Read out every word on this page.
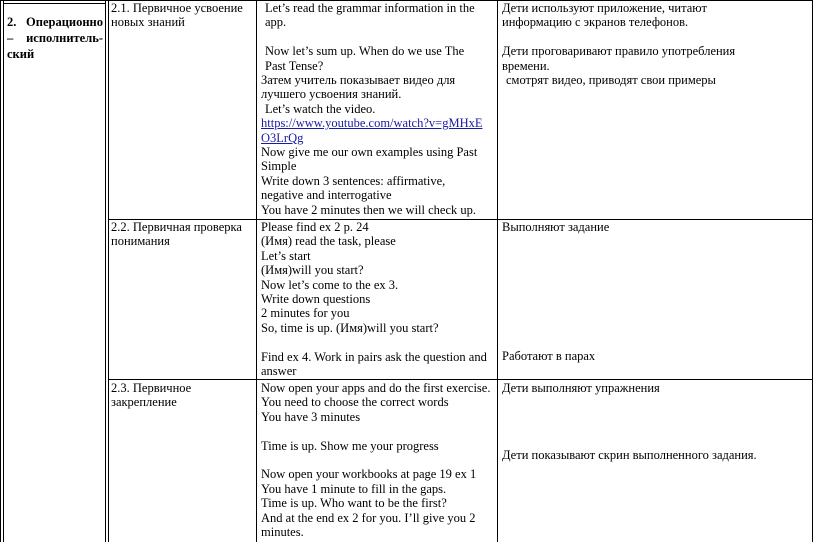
2. Операционно

– исполнитель-

ский

2.1. Первичное усвоение

новых знаний

Let’s read the grammar information in the

app.

Now let’s sum up. When do we use The

Past Tense?

Затем учитель показывает видео для

лучшего усвоения знаний.

Let’s watch the video.

https://www.youtube.com/watch?v=gMHxE

O3LrQg

Now give me our own examples using Past

Simple

Write down 3 sentences: affirmative,

negative and interrogative

You have 2 minutes then we will check up.

Дети используют приложение, читают

информацию с экранов телефонов.

Дети проговаривают правило употребления

времени.

смотрят видео, приводят свои примеры

2.2. Первичная проверка

понимания

Please find ex 2 p. 24

(Имя) read the task, please

Let’s start

(Имя)will you start?

Now let’s come to the ex 3.

Write down questions

2 minutes for you

So, time is up. (Имя)will you start?

Find ex 4. Work in pairs ask the question and

answer

Выполняют задание

Работают в парах

2.3. Первичное

закрепление

Now open your apps and do the first exercise.

You need to choose the correct words

You have 3 minutes

Time is up. Show me your progress

Now open your workbooks at page 19 ex 1

You have 1 minute to fill in the gaps.

Time is up. Who want to be the first?

And at the end ex 2 for you. I’ll give you 2

minutes.

Дети выполняют упражнения

Дети показывают скрин выполненного задания.
